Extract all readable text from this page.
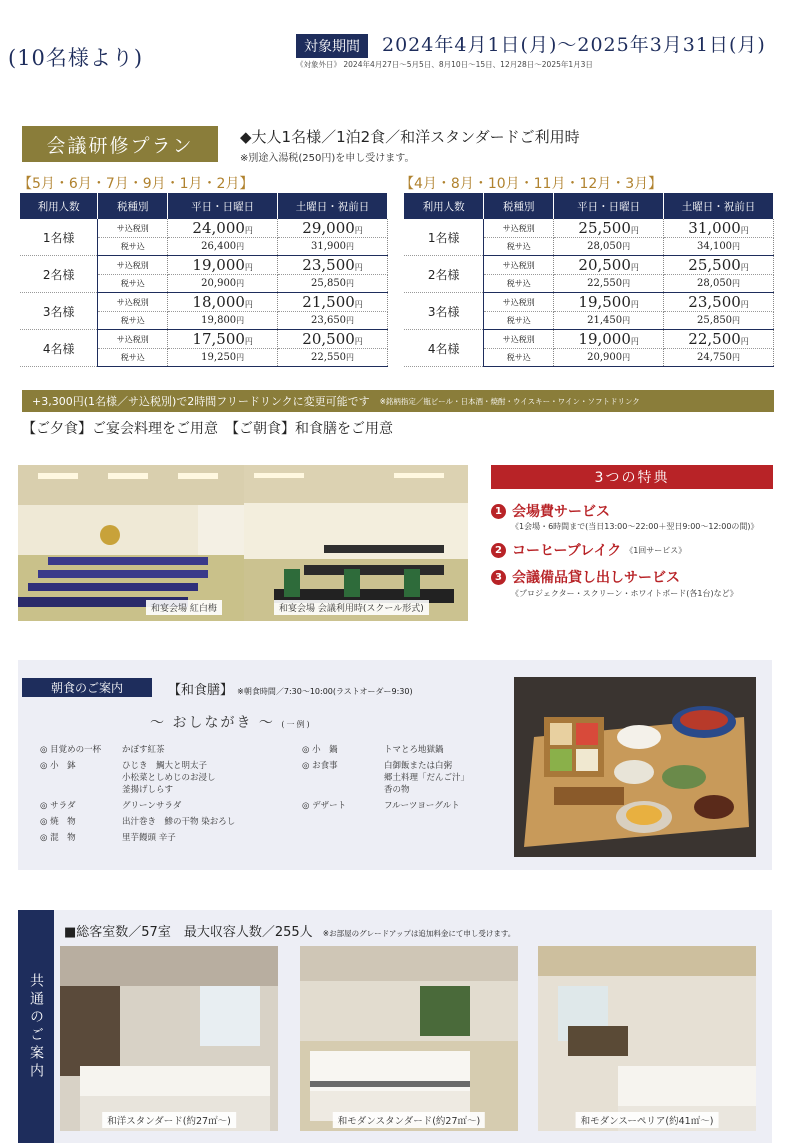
(10名様より)	対象期間	2024年4月1日(月)～2025年3月31日(月)
《対象外日》 2024年4月27日～5月5日、8月10日～15日、12月28日～2025年1月3日
会議研修プラン	◆大人1名様／1泊2食／和洋スタンダードご利用時
※別途入湯税(250円)を申し受けます。
【5月・6月・7月・9月・1月・2月】	【4月・8月・10月・11月・12月・3月】
利用人数	税種別	平日・日曜日	土曜日・祝前日
1名様	サ込税別	24,000円	29,000円
	税サ込	26,400円	31,900円
2名様	サ込税別	19,000円	23,500円
	税サ込	20,900円	25,850円
3名様	サ込税別	18,000円	21,500円
	税サ込	19,800円	23,650円
4名様	サ込税別	17,500円	20,500円
	税サ込	19,250円	22,550円
利用人数	税種別	平日・日曜日	土曜日・祝前日
1名様	サ込税別	25,500円	31,000円
	税サ込	28,050円	34,100円
2名様	サ込税別	20,500円	25,500円
	税サ込	22,550円	28,050円
3名様	サ込税別	19,500円	23,500円
	税サ込	21,450円	25,850円
4名様	サ込税別	19,000円	22,500円
	税サ込	20,900円	24,750円
+3,300円(1名様／サ込税別)で2時間フリードリンクに変更可能です ※銘柄指定／瓶ビール・日本酒・焼酎・ウイスキー・ワイン・ソフトドリンク
【ご夕食】ご宴会料理をご用意　【ご朝食】和食膳をご用意
和宴会場 紅白梅	和宴会場 会議利用時(スクール形式)
3つの特典
1 会場費サービス
《1会場・6時間まで(当日13:00～22:00＋翌日9:00～12:00の間)》
2 コーヒーブレイク 《1回サービス》
3 会議備品貸し出しサービス
《プロジェクター・スクリーン・ホワイトボード(各1台)など》
朝食のご案内	【和食膳】 ※朝食時間／7:30～10:00(ラストオーダー9:30)
～ おしながき ～ (一例)
◎ 目覚めの一杯 かぼす紅茶
◎ 小　鉢	ひじき　鯛大と明太子
小松菜としめじのお浸し
釜揚げしらす
◎ サラダ	グリーンサラダ
◎ 焼　物	出汁巻き　鯵の干物 染おろし
◎ 混　物	里芋饅頭 辛子
◎ 小　鍋	トマとろ地獄鍋
◎ お食事	白御飯または白粥
郷土料理「だんご汁」
香の物
◎ デザート	フルーツヨーグルト
共通のご案内
■総客室数／57室　最大収容人数／255人 ※お部屋のグレードアップは追加料金にて申し受けます。
和洋スタンダード(約27㎡～)	和モダンスタンダード(約27㎡～)	和モダンスーペリア(約41㎡～)
